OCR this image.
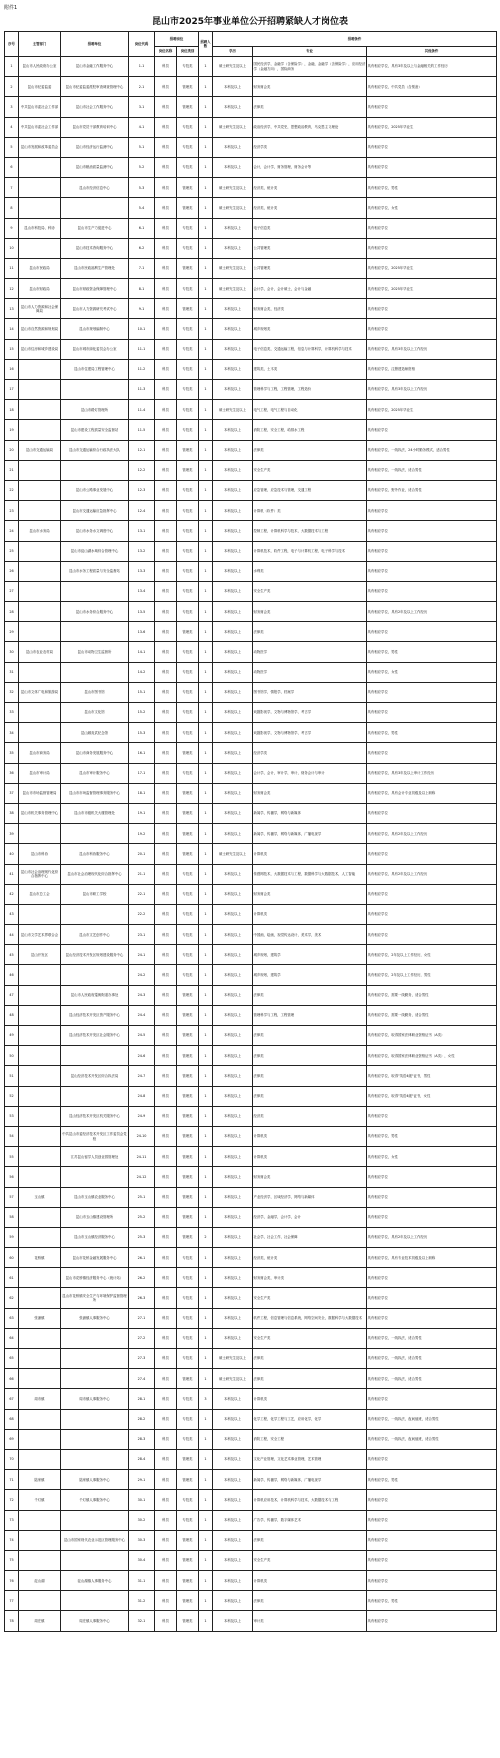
附件1
昆山市2025年事业单位公开招聘紧缺人才岗位表
序号	主管部门	招聘单位	岗位代码	招聘岗位		招聘人数	招聘条件		
				岗位名称	岗位类别		学历	专业	其他条件
1	昆山市人民政府办公室	昆山市金融工作服务中心	1-1	科员	专技类	1	硕士研究生及以上	国民经济学，金融学（含保险学），金融，金融学（含保险学），应用经济学（金融方向），国际商务	具有相应学位，具有3年及以上与金融相关的工作经历
2	昆山市纪委监委	昆山市纪委监委派驻审查调查管理中心	2-1	科员	管理类	1	本科及以上	财务财会类	具有相应学位，中共党员（含预备）
3	中共昆山市委社会工作部	昆山市社会工作服务中心	3-1	科员	管理类	1	本科及以上	法律类	具有相应学位
4	中共昆山市委社会工作部	昆山市党员干部教育培训中心	4-1	科员	专技类	1	硕士研究生及以上	政治经济学，中共党史，思想政治教育，马克思主义理论	具有相应学位，2025年毕业生
5	昆山市发展和改革委员会	昆山市经济运行监测中心	5-1	科员	专技类	1	本科及以上	经济学类	具有相应学位
6		昆山市粮油质量监测中心	5-2	科员	专技类	1	本科及以上	会计，会计学，财务管理，财务会计等	具有相应学位
7		昆山市经济信息中心	5-3	科员	管理类	1	硕士研究生及以上	经济类，统计类	具有相应学位，男性
8			5-4	科员	管理类	1	硕士研究生及以上	经济类，统计类	具有相应学位，女性
9	昆山市科技局、科协	昆山市生产力促进中心	6-1	科员	专技类	1	本科及以上	电子信息类	具有相应学位
10		昆山市技术咨询服务中心	6-2	科员	专技类	1	本科及以上	公共管理类	具有相应学位
11	昆山市民政局	昆山市民政福利生产管理处	7-1	科员	管理类	1	硕士研究生及以上	公共管理类	具有相应学位，2025年毕业生
12	昆山市财政局	昆山市财政资金保障管理中心	8-1	科员	专技类	1	硕士研究生及以上	会计学，会计，会计硕士，会计与金融	具有相应学位，2025年毕业生
13	昆山市人力资源和社会保障局	昆山市人力资源研究考试中心	9-1	科员	管理类	1	本科及以上	财务财会类，经济类	具有相应学位
14	昆山市自然资源和规划局	昆山市规划编制中心	10-1	科员	专技类	1	本科及以上	城乡规划类	具有相应学位
15	昆山市住房和城乡建设局	昆山市城市绿化委员会办公室	11-1	科员	专技类	1	本科及以上	电子信息类，交通运输工程，信息与计算科学，计算机科学与技术	具有相应学位，具有3年及以上工作经历
16		昆山市住建局工程管理中心	11-2	科员	专技类	1	本科及以上	建筑类，土木类	具有相应学位，注册建造师资格
17			11-3	科员	专技类	1	本科及以上	管理科学与工程，工程管理，工程造价	具有相应学位，具有3年及以上工作经历
18		昆山市路灯管理所	11-4	科员	专技类	1	硕士研究生及以上	电气工程，电气工程与自动化	具有相应学位，2025年毕业生
19		昆山市建设工程质量安全监督站	11-5	科员	专技类	1	本科及以上	消防工程，安全工程，给排水工程	具有相应学位
20	昆山市交通运输局	昆山市交通运输综合行政执法大队	12-1	科员	管理类	1	本科及以上	法律类	具有相应学位，一线执法，24小时勤务模式，适合男性
21			12-2	科员	管理类	1	本科及以上	安全生产类	具有相应学位，一线执法，适合男性
22		昆山市公路事业发展中心	12-3	科员	专技类	1	本科及以上	应急管理，应急技术与管理，交通工程	具有相应学位，野外作业，适合男性
23		昆山市交通运输应急指挥中心	12-4	科员	专技类	1	本科及以上	计算机（软件）类	具有相应学位
24	昆山市水务局	昆山市水务水文调度中心	13-1	科员	专技类	1	本科及以上	控制工程，计算机科学与技术，大数据技术与工程	具有相应学位
25		昆山市淀山湖水域综合管理中心	13-2	科员	专技类	1	本科及以上	计算机技术，软件工程，电子与计算机工程，电子科学与技术	具有相应学位
26		昆山市水务工程质量与安全监督站	13-3	科员	专技类	1	本科及以上	水利类	具有相应学位
27			13-4	科员	专技类	1	本科及以上	安全生产类	具有相应学位
28		昆山市水务综合服务中心	13-5	科员	专技类	1	本科及以上	财务财会类	具有相应学位，具有2年及以上工作经历
29			13-6	科员	管理类	1	本科及以上	法律类	具有相应学位
30	昆山市农业农村局	昆山市动物卫生监督所	14-1	科员	专技类	1	本科及以上	动物医学	具有相应学位，男性
31			14-2	科员	专技类	1	本科及以上	动物医学	具有相应学位，女性
32	昆山市文体广电和旅游局	昆山市图书馆	15-1	科员	专技类	1	本科及以上	图书馆学，情报学，档案学	具有相应学位
33		昆山市文化馆	15-2	科员	专技类	1	本科及以上	戏剧影视学，文物与博物馆学，考古学	具有相应学位
34		昆山顾炎武纪念馆	15-3	科员	专技类	1	本科及以上	戏剧影视学，文物与博物馆学，考古学	具有相应学位，男性
35	昆山市商务局	昆山市商务发展服务中心	16-1	科员	管理类	1	本科及以上	经济学类	具有相应学位
36	昆山市审计局	昆山市审计服务中心	17-1	科员	专技类	1	本科及以上	会计学，会计，审计学，审计，财务会计与审计	具有相应学位，具有3年及以上审计工作经历
37	昆山市市场监督管理局	昆山市市场监督管理事务服务中心	18-1	科员	管理类	1	本科及以上	财务财会类	具有相应学位，具有会计专业初级及以上职称
38	昆山市机关事务管理中心	昆山市市级机关大楼管理处	19-1	科员	管理类	1	本科及以上	新闻学，传播学，网络与新媒体	具有相应学位
39			19-2	科员	管理类	1	本科及以上	新闻学，传播学，网络与新媒体，广播电视学	具有相应学位，具有2年及以上工作经历
40	昆山市科协	昆山市科协服务中心	20-1	科员	管理类	1	硕士研究生及以上	计算机类	具有相应学位
41	昆山市社会治理现代化综合指挥中心	昆山市社会治理现代化综合指挥中心	21-1	科员	专技类	1	本科及以上	传感网技术，大数据技术与工程，数据科学与大数据技术，人工智能	具有相应学位，具有2年及以上工作经历
42	昆山市总工会	昆山市职工学校	22-1	科员	专技类	1	本科及以上	财务财会类	具有相应学位
43			22-2	科员	专技类	1	本科及以上	计算机类	具有相应学位
44	昆山市文学艺术界联合会	昆山市文艺创作中心	23-1	科员	专技类	1	本科及以上	中国画，绘画，视觉传达设计，美术学，美术	具有相应学位
45	昆山开发区	昆山经济技术开发区规划建设服务中心	24-1	科员	专技类	1	本科及以上	城乡规划，建筑学	具有相应学位，2年及以上工作经历，女性
46			24-2	科员	专技类	1	本科及以上	城乡规划，建筑学	具有相应学位，2年及以上工作经历，男性
47		昆山市人民政府蓬朗街道办事处	24-3	科员	管理类	1	本科及以上	法律类	具有相应学位，需要一线勤务，适合男性
48		昆山经济技术开发区资产服务中心	24-4	科员	管理类	1	本科及以上	管理科学与工程，工程管理	具有相应学位，需要一线勤务，适合男性
49		昆山经济技术开发区社会服务中心	24-5	科员	管理类	1	本科及以上	法律类	具有相应学位，取得国家法律职业资格证书（A类）
50			24-6	科员	管理类	1	本科及以上	法律类	具有相应学位，取得国家法律职业资格证书（A类），女性
51		昆山经济技术开发区综合执法局	24-7	科员	管理类	1	本科及以上	法律类	具有相应学位，取得"英语4级"证书，男性
52			24-8	科员	管理类	1	本科及以上	法律类	具有相应学位，取得"英语4级"证书，女性
53		昆山经济技术开发区机关服务中心	24-9	科员	管理类	1	本科及以上	经济类	具有相应学位
54		中共昆山市委经济技术开发区工作委员会党校	24-10	科员	管理类	1	本科及以上	计算机类	具有相应学位，男性
55		江苏昆山留学人员创业园管理处	24-11	科员	管理类	1	本科及以上	计算机类	具有相应学位，女性
56			24-12	科员	管理类	1	本科及以上	财务财会类	具有相应学位
57	玉山镇	昆山市玉山镇农业服务中心	25-1	科员	管理类	1	本科及以上	产业经济学，区域经济学，网络与新媒体	具有相应学位
58		昆山市玉山镇建设管理所	25-2	科员	管理类	1	本科及以上	经济学，金融学，会计学，会计	具有相应学位
59		昆山市玉山镇经济服务中心	25-3	科员	管理类	2	本科及以上	社会学，社会工作，社会保障	具有相应学位，具有2年及以上工作经历
60	花桥镇	昆山市花桥金融发展服务中心	26-1	科员	专技类	1	本科及以上	经济类，统计类	具有相应学位，具有专业技术初级及以上职称
61		昆山市花桥镇经济服务中心（统计站）	26-2	科员	专技类	1	本科及以上	财务财会类，审计类	具有相应学位
62		昆山市花桥镇安全生产与环境保护监督管理所	26-3	科员	专技类	1	本科及以上	安全生产类	具有相应学位
63	张浦镇	张浦镇人事服务中心	27-1	科员	专技类	1	本科及以上	软件工程，信息管理与信息系统，网络空间安全，数据科学与大数据技术	具有相应学位
64			27-2	科员	专技类	1	本科及以上	安全生产类	具有相应学位，一线执法，适合男性
65			27-3	科员	专技类	1	硕士研究生及以上	法律类	具有相应学位，一线执法，适合男性
66			27-4	科员	管理类	1	硕士研究生及以上	法律类	具有相应学位，一线执法，适合男性
67	周市镇	周市镇人事服务中心	28-1	科员	专技类	3	本科及以上	计算机类	具有相应学位
68			28-2	科员	专技类	1	本科及以上	化学工程，化学工程与工艺，应用化学，化学	具有相应学位，一线执法，夜间值班，适合男性
69			28-3	科员	专技类	1	本科及以上	消防工程，安全工程	具有相应学位，一线执法，夜间值班，适合男性
70			28-4	科员	管理类	1	本科及以上	文化产业管理，文化艺术事业管理，艺术管理	具有相应学位
71	陆家镇	陆家镇人事服务中心	29-1	科员	管理类	1	本科及以上	新闻学，传播学，网络与新媒体，广播电视学	具有相应学位，男性
72	千灯镇	千灯镇人事服务中心	30-1	科员	专技类	1	本科及以上	计算机应用技术，计算机科学与技术，大数据技术与工程	具有相应学位
73			30-2	科员	专技类	1	本科及以上	广告学，传播学，数字媒体艺术	具有相应学位
74		昆山市国家现代农业示范区管理服务中心	30-3	科员	管理类	1	本科及以上	法律类	具有相应学位
75			30-4	科员	管理类	1	本科及以上	安全生产类	具有相应学位
76	淀山湖	淀山湖镇人事服务中心	31-1	科员	管理类	1	本科及以上	计算机类	具有相应学位
77			31-2	科员	管理类	1	本科及以上	法律类	具有相应学位，男性
78	周庄镇	周庄镇人事服务中心	32-1	科员	管理类	1	本科及以上	审计类	具有相应学位
